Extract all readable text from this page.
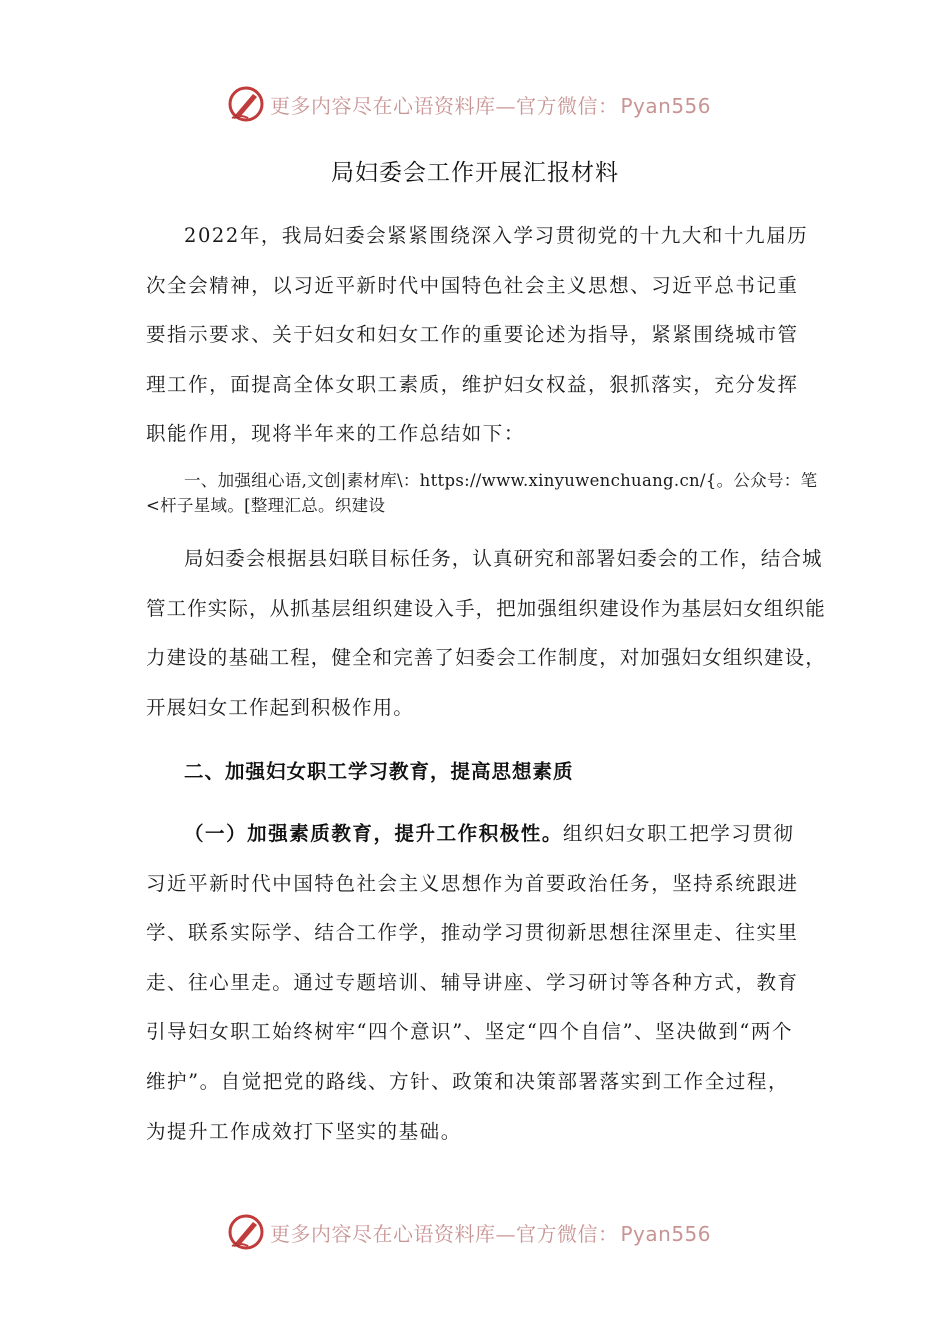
更多内容尽在心语资料库—官方微信： Pyan556
局妇委会工作开展汇报材料

2022年，我局妇委会紧紧围绕深入学习贯彻党的十九大和十九届历次全会精神，以习近平新时代中国特色社会主义思想、习近平总书记重要指示要求、关于妇女和妇女工作的重要论述为指导，紧紧围绕城市管理工作，面提高全体女职工素质，维护妇女权益，狠抓落实，充分发挥职能作用，现将半年来的工作总结如下：

一、加强组心语,文创|素材库\：https://www.xinyuwenchuang.cn/{。公众号：笔<杆子星域。[整理汇总。织建设

局妇委会根据县妇联目标任务，认真研究和部署妇委会的工作，结合城管工作实际，从抓基层组织建设入手，把加强组织建设作为基层妇女组织能力建设的基础工程，健全和完善了妇委会工作制度，对加强妇女组织建设，开展妇女工作起到积极作用。

二、加强妇女职工学习教育，提高思想素质

（一）加强素质教育，提升工作积极性。组织妇女职工把学习贯彻习近平新时代中国特色社会主义思想作为首要政治任务，坚持系统跟进学、联系实际学、结合工作学，推动学习贯彻新思想往深里走、往实里走、往心里走。通过专题培训、辅导讲座、学习研讨等各种方式，教育引导妇女职工始终树牢“四个意识”、坚定“四个自信”、坚决做到“两个维护”。自觉把党的路线、方针、政策和决策部署落实到工作全过程，为提升工作成效打下坚实的基础。

更多内容尽在心语资料库—官方微信： Pyan556
